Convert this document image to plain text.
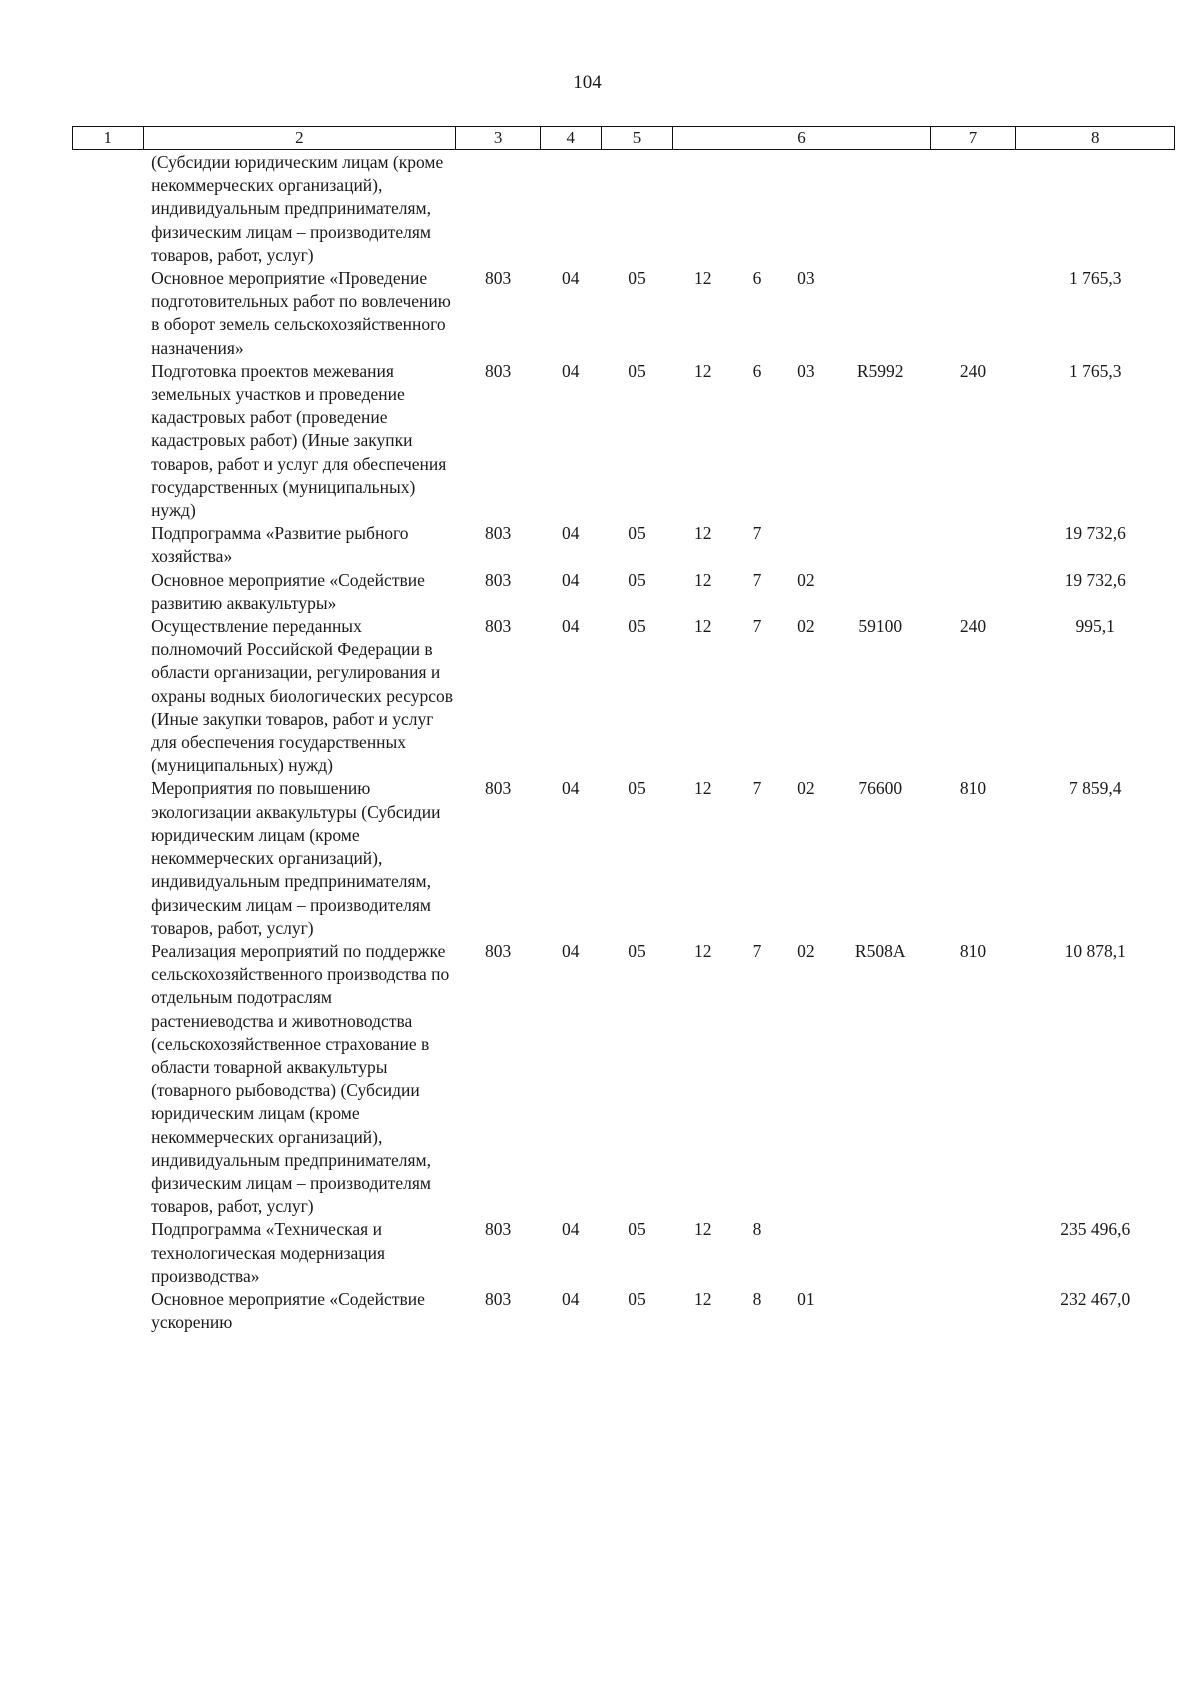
104
1	2	3	4	5	6				7	8
	(Субсидии юридическим лицам (кроме некоммерческих организаций), индивидуальным предпринимателям, физическим лицам – производителям товаров, работ, услуг)									
	Основное мероприятие «Проведение подготовительных работ по вовлечению в оборот земель сельскохозяйственного назначения»	803	04	05	12	6	03			1 765,3
	Подготовка проектов межевания земельных участков и проведение кадастровых работ (проведение кадастровых работ) (Иные закупки товаров, работ и услуг для обеспечения государственных (муниципальных) нужд)	803	04	05	12	6	03	R5992	240	1 765,3
	Подпрограмма «Развитие рыбного хозяйства»	803	04	05	12	7				19 732,6
	Основное мероприятие «Содействие развитию аквакультуры»	803	04	05	12	7	02			19 732,6
	Осуществление переданных полномочий Российской Федерации в области организации, регулирования и охраны водных биологических ресурсов (Иные закупки товаров, работ и услуг для обеспечения государственных (муниципальных) нужд)	803	04	05	12	7	02	59100	240	995,1
	Мероприятия по повышению экологизации аквакультуры (Субсидии юридическим лицам (кроме некоммерческих организаций), индивидуальным предпринимателям, физическим лицам – производителям товаров, работ, услуг)	803	04	05	12	7	02	76600	810	7 859,4
	Реализация мероприятий по поддержке сельскохозяйственного производства по отдельным подотраслям растениеводства и животноводства (сельскохозяйственное страхование в области товарной аквакультуры (товарного рыбоводства) (Субсидии юридическим лицам (кроме некоммерческих организаций), индивидуальным предпринимателям, физическим лицам – производителям товаров, работ, услуг)	803	04	05	12	7	02	R508A	810	10 878,1
	Подпрограмма «Техническая и технологическая модернизация производства»	803	04	05	12	8				235 496,6
	Основное мероприятие «Содействие ускорению	803	04	05	12	8	01			232 467,0
